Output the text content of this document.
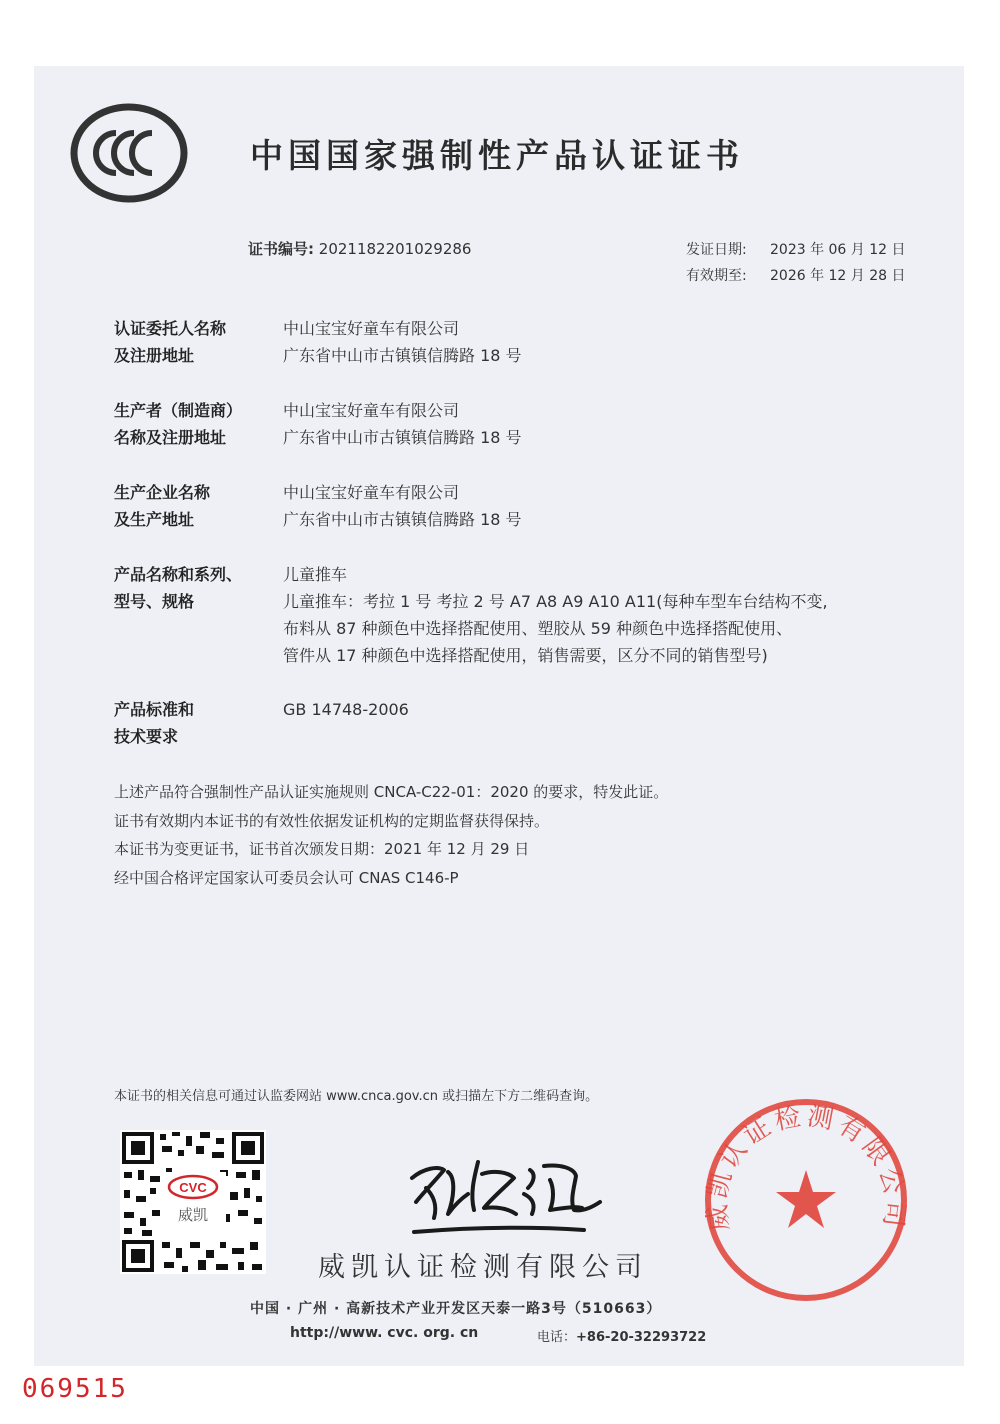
中国国家强制性产品认证证书
证书编号: 2021182201029286	发证日期: 2023 年 06 月 12 日
有效期至: 2026 年 12 月 28 日
认证委托人名称
及注册地址
中山宝宝好童车有限公司
广东省中山市古镇镇信腾路 18 号
生产者（制造商）
名称及注册地址
中山宝宝好童车有限公司
广东省中山市古镇镇信腾路 18 号
生产企业名称
及生产地址
中山宝宝好童车有限公司
广东省中山市古镇镇信腾路 18 号
产品名称和系列、
型号、规格
儿童推车
儿童推车：考拉 1 号 考拉 2 号 A7 A8 A9 A10 A11(每种车型车台结构不变,
布料从 87 种颜色中选择搭配使用、塑胶从 59 种颜色中选择搭配使用、
管件从 17 种颜色中选择搭配使用，销售需要，区分不同的销售型号)
产品标准和
技术要求
GB 14748-2006
上述产品符合强制性产品认证实施规则 CNCA-C22-01：2020 的要求，特发此证。
证书有效期内本证书的有效性依据发证机构的定期监督获得保持。
本证书为变更证书，证书首次颁发日期：2021 年 12 月 29 日
经中国合格评定国家认可委员会认可 CNAS C146-P
本证书的相关信息可通过认监委网站 www.cnca.gov.cn 或扫描左下方二维码查询。
CVC
威凯
威凯认证检测有限公司
中国 · 广州 · 高新技术产业开发区天泰一路3号（510663）
http://www. cvc. org. cn	电话：+86-20-32293722
威凯认证检测有限公司
069515
